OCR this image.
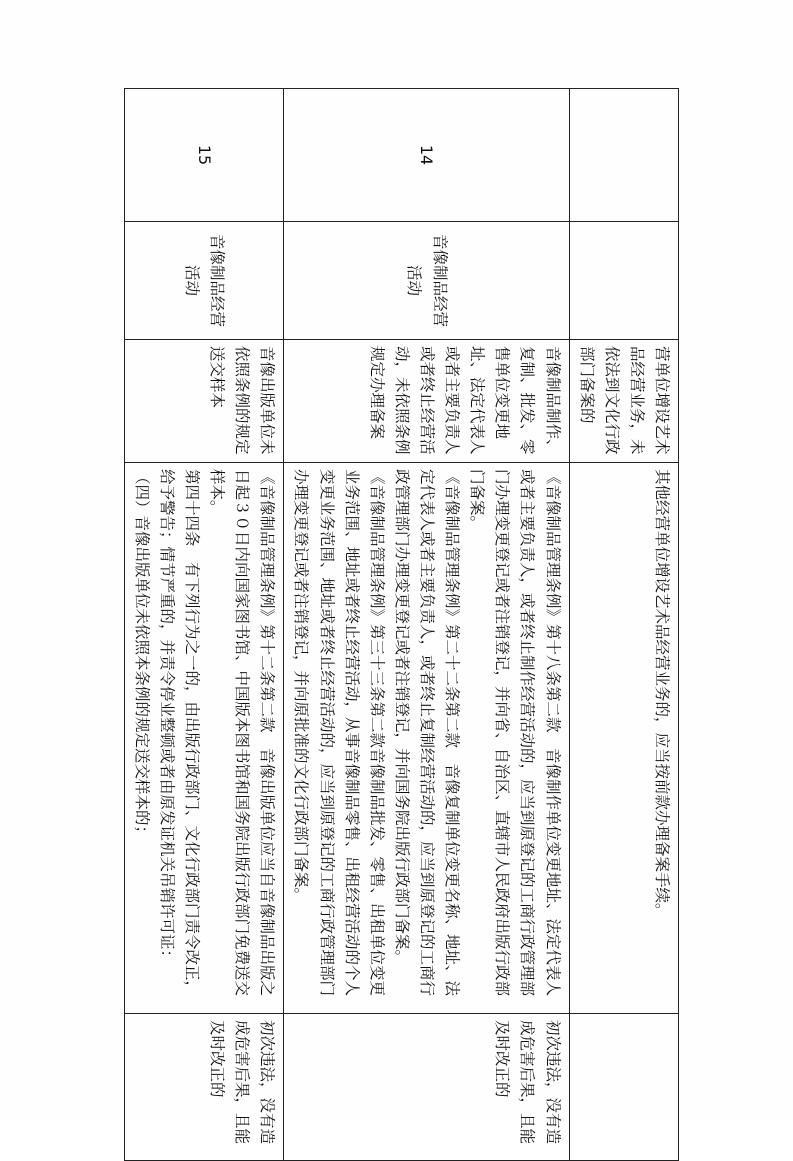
		营单位增设艺术品经营业务，未依法到文化行政部门备案的	其他经营单位增设艺术品经营业务的，应当按前款办理备案手续。	

14	音像制品经营活动	音像制品制作、复制、批发、零售单位变更地址、法定代表人或者主要负责人或者终止经营活动，未依照条例规定办理备案	《音像制品管理条例》第十八条第二款　音像制作单位变更地址、法定代表人或者主要负责人，或者终止制作经营活动的，应当到原登记的工商行政管理部门办理变更登记或者注销登记，并向省、自治区、直辖市人民政府出版行政部门备案。

《音像制品管理条例》第二十二条第二款　音像复制单位变更名称、地址、法定代表人或者主要负责人，或者终止复制经营活动的，应当到原登记的工商行政管理部门办理变更登记或者注销登记，并向国务院出版行政部门备案。

《音像制品管理条例》第三十三条第二款音像制品批发、零售、出租单位变更业务范围、地址或者终止经营活动，从事音像制品零售、出租经营活动的个人变更业务范围、地址或者终止经营活动的，应当到原登记的工商行政管理部门办理变更登记或者注销登记，并向原批准的文化行政部门备案。	初次违法，没有造成危害后果，且能及时改正的
15	音像制品经营活动	音像出版单位未依照条例的规定送交样本	《音像制品管理条例》第十二条第二款　音像出版单位应当自音像制品出版之日起３０日内向国家图书馆、中国版本图书馆和国务院出版行政部门免费送交样本。

第四十四条　有下列行为之一的，由出版行政部门、文化行政部门责令改正，给予警告；情节严重的，并责令停业整顿或者由原发证机关吊销许可证：

（四）音像出版单位未依照本条例的规定送交样本的；	初次违法，没有造成危害后果，且能及时改正的
